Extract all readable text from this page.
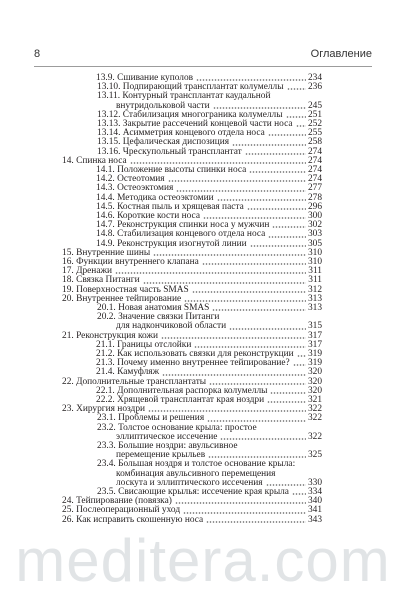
8	Оглавление
13.9. Сшивание куполов	234
13.10. Подпирающий трансплантат колумеллы	236
13.11. Контурный трансплантат каудальной
внутридольковой части	245
13.12. Стабилизация многограника колумеллы	251
13.13. Закрытие рассечений концевой части носа 252
13.14. Асимметрия концевого отдела носа	255
13.15. Цефалическая диспозиция	258
13.16. Чрескупольный трансплантат	274
14. Спинка носа	274
14.1. Положение высоты спинки носа	274
14.2. Остеотомия	274
14.3. Остеоэктомия	277
14.4. Методика остеоэктомии	278
14.5. Костная пыль и хрящевая паста	296
14.6. Короткие кости носа	300
14.7. Реконструкция спинки носа у мужчин	302
14.8. Стабилизация концевого отдела носа	303
14.9. Реконструкция изогнутой линии	305
15. Внутренние шины	310
16. Функции внутреннего клапана	310
17. Дренажи	311
18. Связка Питанги	311
19. Поверхностная часть SMAS	312
20. Внутреннее тейпирование	313
20.1. Новая анатомия SMAS	313
20.2. Значение связки Питанги
для надкончиковой области	315
21. Реконструкция кожи	317
21.1. Границы отслойки	317
21.2. Как использовать связки для реконструкции 319
21.3. Почему именно внутреннее тейпирование? 319
21.4. Камуфляж	320
22. Дополнительные трансплантаты	320
22.1. Дополнительная распорка колумеллы	320
22.2. Хрящевой трансплантат края ноздри	321
23. Хирургия ноздри	322
23.1. Проблемы и решения	322
23.2. Толстое основание крыла: простое
эллиптическое иссечение	322
23.3. Большие ноздри: авульсивное
перемещение крыльев	325
23.4. Большая ноздря и толстое основание крыла:
комбинация авульсивного перемещения
лоскута и эллиптического иссечения	330
23.5. Свисающие крылья: иссечение края крыла 334
24. Тейпирование (повязка)	340
25. Послеоперационный уход	341
26. Как исправить скошенную носа	343
meditera.com
